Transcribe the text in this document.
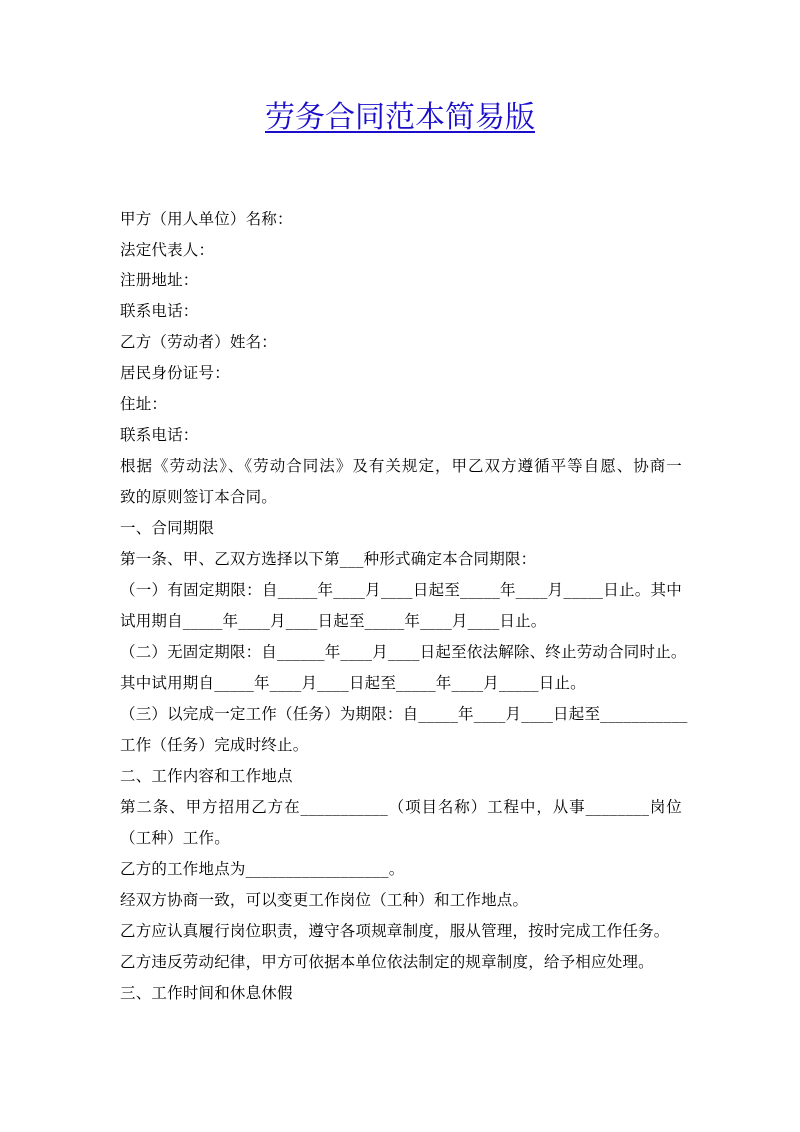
劳务合同范本简易版
甲方（用人单位）名称：
法定代表人：
注册地址：
联系电话：
乙方（劳动者）姓名：
居民身份证号：
住址：
联系电话：
根据《劳动法》、《劳动合同法》及有关规定，甲乙双方遵循平等自愿、协商一
致的原则签订本合同。
一、合同期限
第一条、甲、乙双方选择以下第___种形式确定本合同期限：
（一）有固定期限：自_____年____月____日起至_____年____月_____日止。其中
试用期自_____年____月____日起至_____年____月____日止。
（二）无固定期限：自______年____月____日起至依法解除、终止劳动合同时止。
其中试用期自_____年____月____日起至_____年____月_____日止。
（三）以完成一定工作（任务）为期限：自_____年____月____日起至___________
工作（任务）完成时终止。
二、工作内容和工作地点
第二条、甲方招用乙方在___________（项目名称）工程中，从事________岗位
（工种）工作。
乙方的工作地点为__________________。
经双方协商一致，可以变更工作岗位（工种）和工作地点。
乙方应认真履行岗位职责，遵守各项规章制度，服从管理，按时完成工作任务。
乙方违反劳动纪律，甲方可依据本单位依法制定的规章制度，给予相应处理。
三、工作时间和休息休假
